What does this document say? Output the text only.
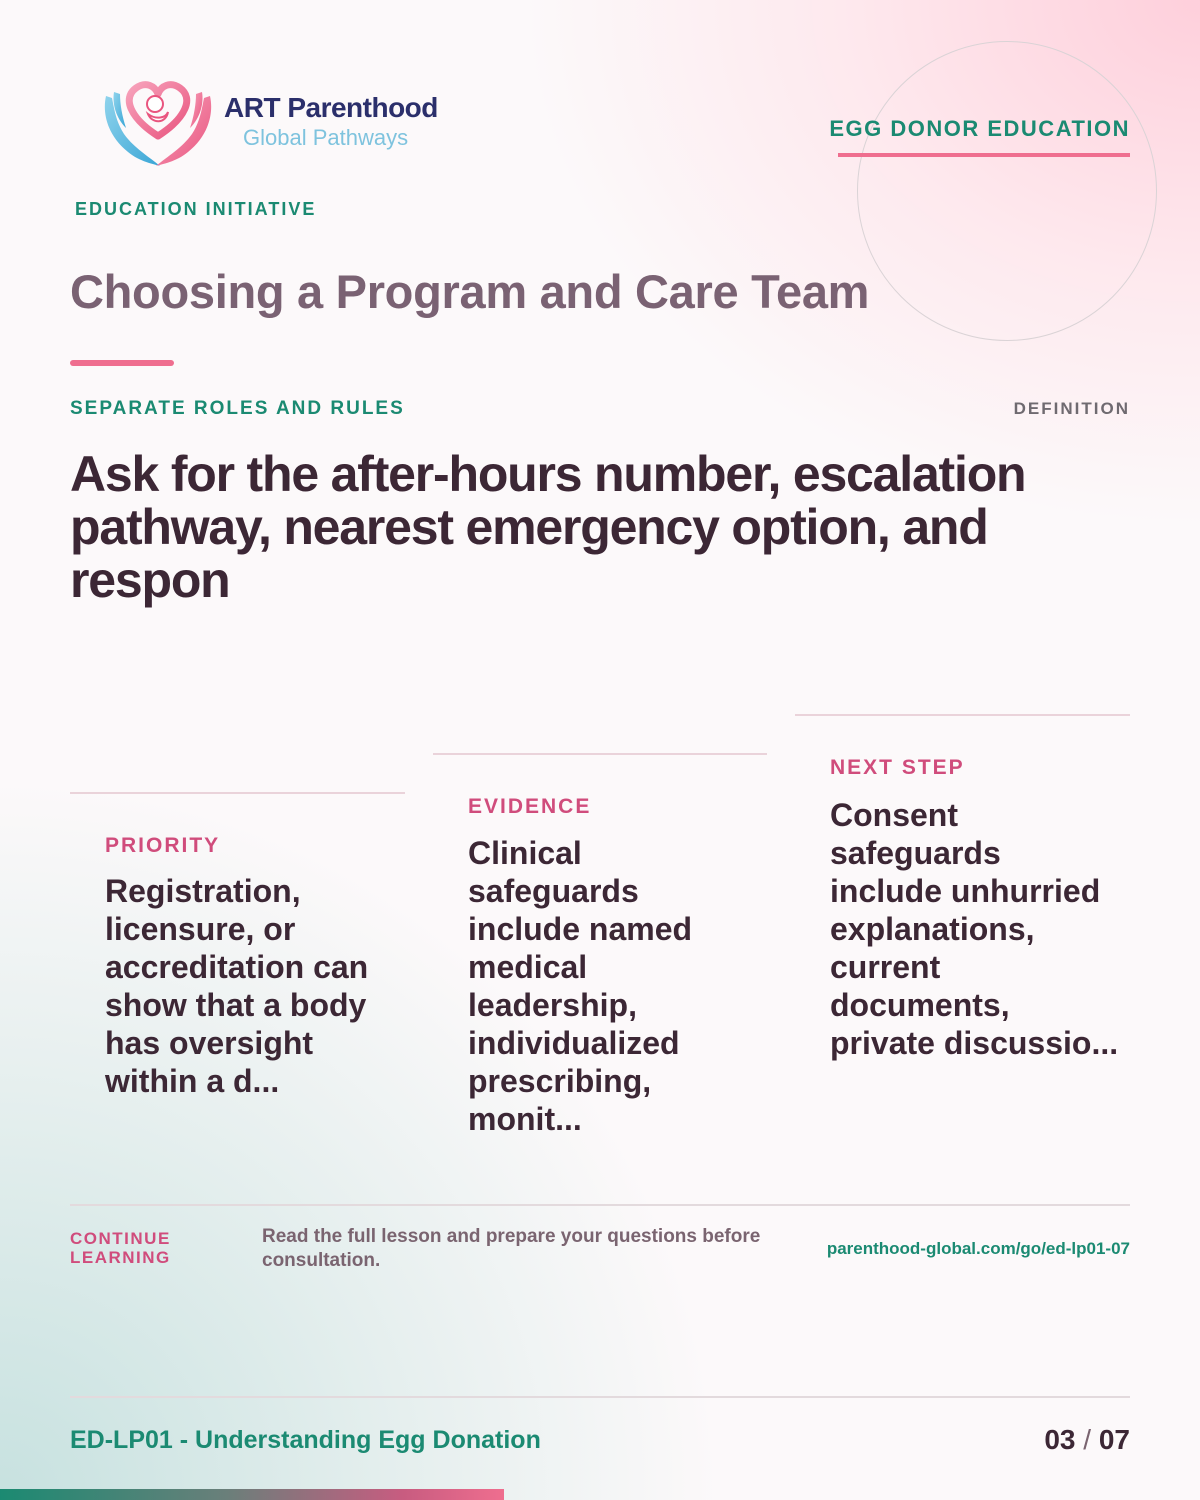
ART Parenthood
Global Pathways
EDUCATION INITIATIVE
EGG DONOR EDUCATION
Choosing a Program and Care Team
SEPARATE ROLES AND RULES	DEFINITION
Ask for the after-hours number, escalation pathway, nearest emergency option, and respon
PRIORITY
Registration, licensure, or accreditation can show that a body has oversight within a d...
EVIDENCE
Clinical safeguards include named medical leadership, individualized prescribing, monit...
NEXT STEP
Consent safeguards include unhurried explanations, current documents, private discussio...
CONTINUE LEARNING
Read the full lesson and prepare your questions before consultation.
parenthood-global.com/go/ed-lp01-07
ED-LP01 - Understanding Egg Donation	03 / 07
